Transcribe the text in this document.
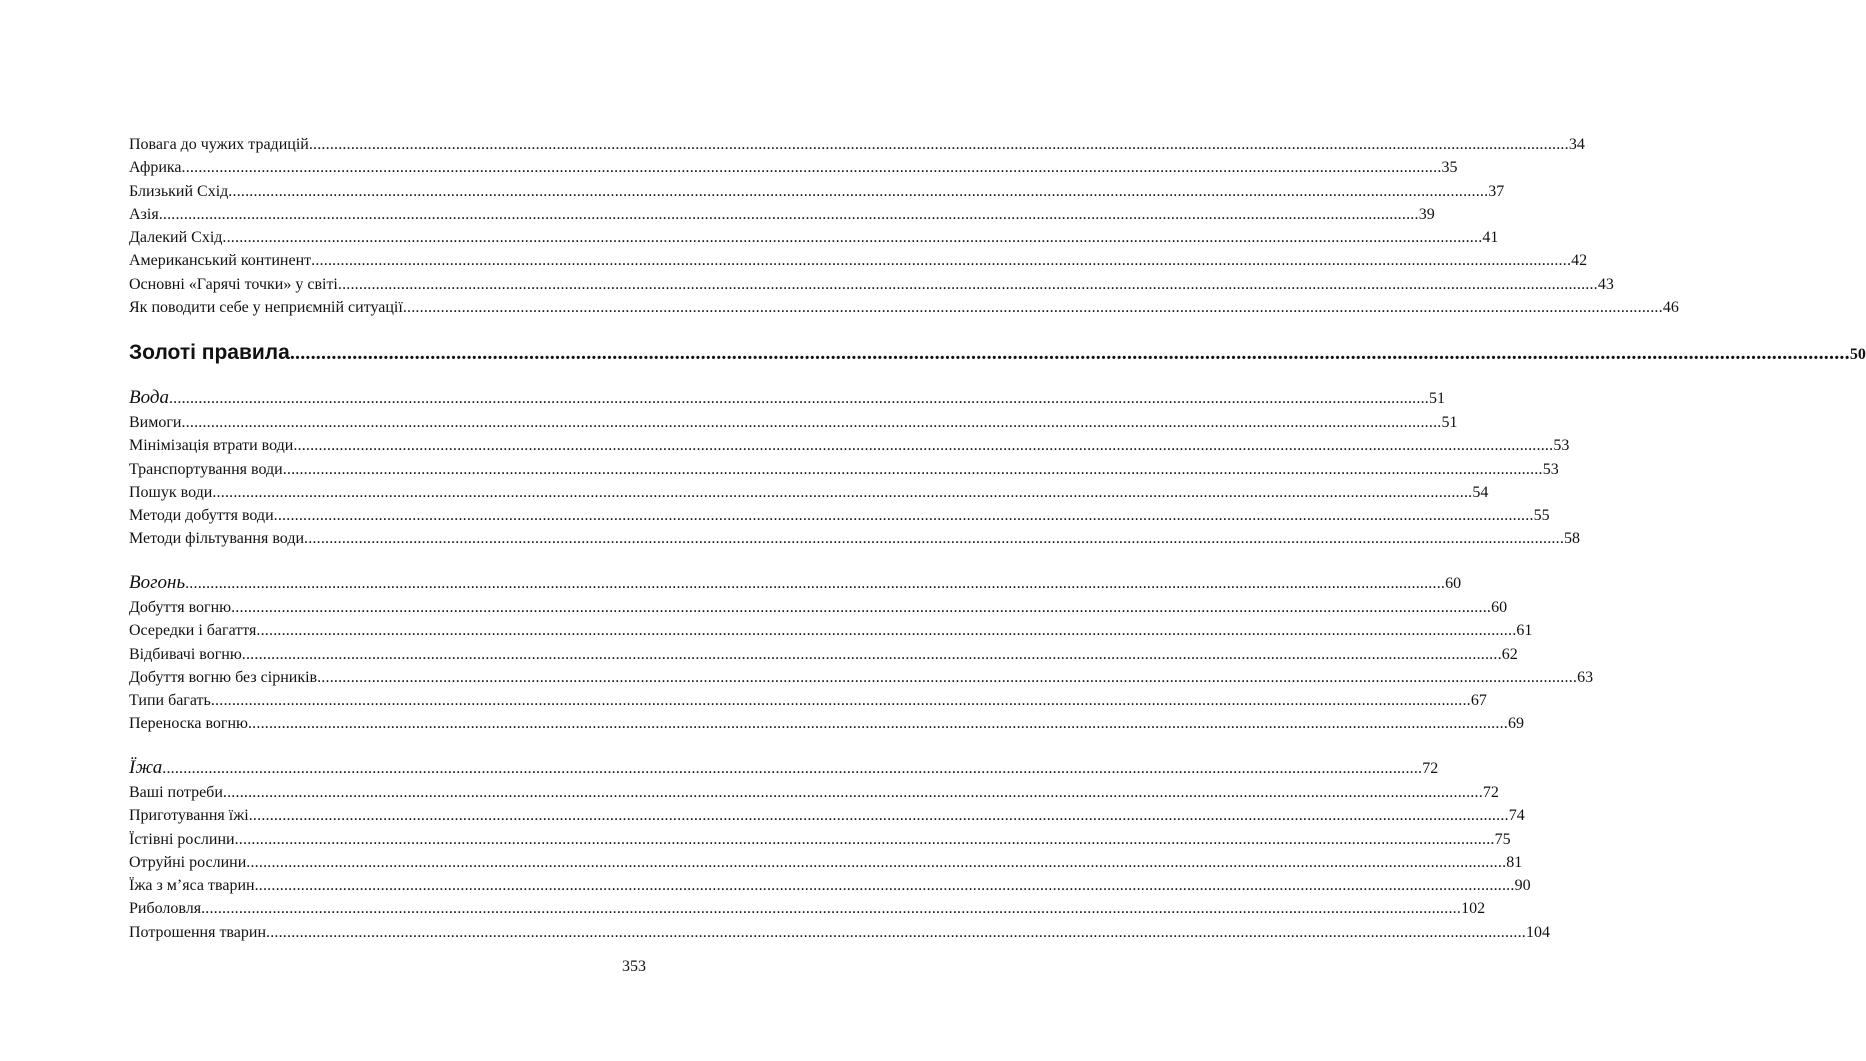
Повага до чужих традицій ............................................................................................................................................................................................................................................................................................................ 34
Африка ............................................................................................................................................................................................................................................................................................................ 35
Близький Схід ............................................................................................................................................................................................................................................................................................................ 37
Азія ............................................................................................................................................................................................................................................................................................................ 39
Далекий Схід ............................................................................................................................................................................................................................................................................................................ 41
Американський континент ............................................................................................................................................................................................................................................................................................................ 42
Основні «Гарячі точки» у світі ............................................................................................................................................................................................................................................................................................................ 43
Як поводити себе у неприємній ситуації ............................................................................................................................................................................................................................................................................................................ 46
Золоті правила ............................................................................................................................................................................................................................................................................................................ 50
Вода ............................................................................................................................................................................................................................................................................................................ 51
Вимоги ............................................................................................................................................................................................................................................................................................................ 51
Мінімізація втрати води ............................................................................................................................................................................................................................................................................................................ 53
Транспортування води ............................................................................................................................................................................................................................................................................................................ 53
Пошук води ............................................................................................................................................................................................................................................................................................................ 54
Методи добуття води ............................................................................................................................................................................................................................................................................................................ 55
Методи фільтування води ............................................................................................................................................................................................................................................................................................................ 58
Вогонь ............................................................................................................................................................................................................................................................................................................ 60
Добуття вогню ............................................................................................................................................................................................................................................................................................................ 60
Осередки і багаття ............................................................................................................................................................................................................................................................................................................ 61
Відбивачі вогню ............................................................................................................................................................................................................................................................................................................ 62
Добуття вогню без сірників ............................................................................................................................................................................................................................................................................................................ 63
Типи багать ............................................................................................................................................................................................................................................................................................................ 67
Переноска вогню ............................................................................................................................................................................................................................................................................................................ 69
Їжа ............................................................................................................................................................................................................................................................................................................ 72
Ваші потреби ............................................................................................................................................................................................................................................................................................................ 72
Приготування їжі ............................................................................................................................................................................................................................................................................................................ 74
Їстівні рослини ............................................................................................................................................................................................................................................................................................................ 75
Отруйні рослини ............................................................................................................................................................................................................................................................................................................ 81
Їжа з м’яса тварин ............................................................................................................................................................................................................................................................................................................ 90
Риболовля ............................................................................................................................................................................................................................................................................................................ 102
Потрошення тварин ............................................................................................................................................................................................................................................................................................................ 104
353
